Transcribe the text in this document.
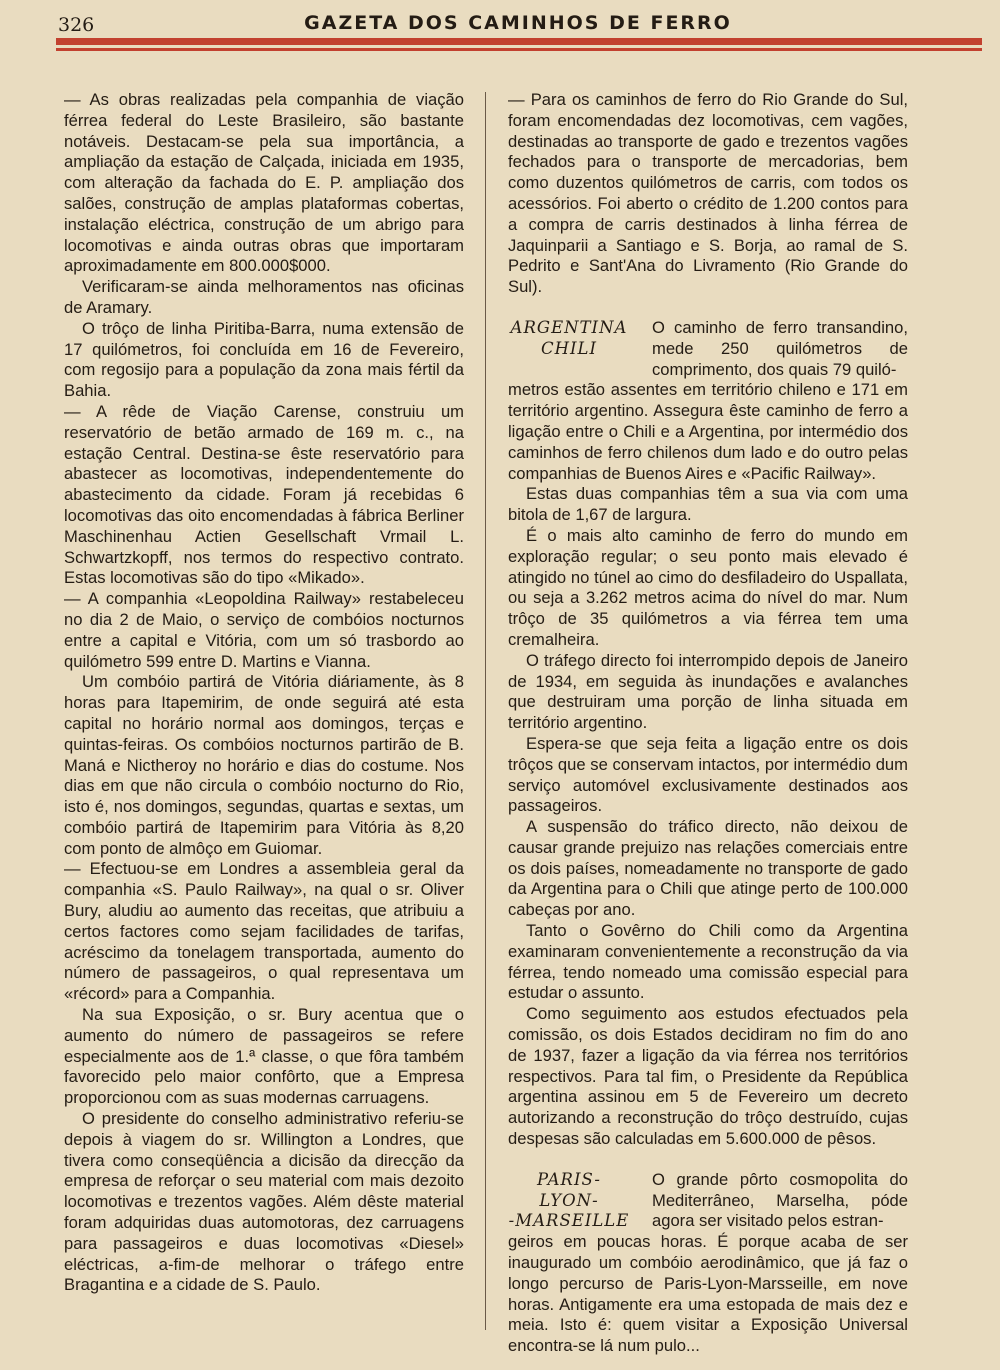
326	GAZETA DOS CAMINHOS DE FERRO

— As obras realizadas pela companhia de viação férrea federal do Leste Brasileiro, são bastante notáveis. Destacam-se pela sua importância, a ampliação da estação de Calçada, iniciada em 1935, com alteração da fachada do E. P. ampliação dos salões, construção de amplas plataformas cobertas, instalação eléctrica, construção de um abrigo para locomotivas e ainda outras obras que importaram aproximadamente em 800.000$000.

Verificaram-se ainda melhoramentos nas oficinas de Aramary.

O trôço de linha Piritiba-Barra, numa extensão de 17 quilómetros, foi concluída em 16 de Fevereiro, com regosijo para a população da zona mais fértil da Bahia.

— A rêde de Viação Carense, construiu um reservatório de betão armado de 169 m. c., na estação Central. Destina-se êste reservatório para abastecer as locomotivas, independentemente do abastecimento da cidade. Foram já recebidas 6 locomotivas das oito encomendadas à fábrica Berliner Maschinenhau Actien Gesellschaft Vrmail L. Schwartzkopff, nos termos do respectivo contrato. Estas locomotivas são do tipo «Mikado».

— A companhia «Leopoldina Railway» restabeleceu no dia 2 de Maio, o serviço de combóios nocturnos entre a capital e Vitória, com um só trasbordo ao quilómetro 599 entre D. Martins e Vianna.

Um combóio partirá de Vitória diáriamente, às 8 horas para Itapemirim, de onde seguirá até esta capital no horário normal aos domingos, terças e quintas-feiras. Os combóios nocturnos partirão de B. Maná e Nictheroy no horário e dias do costume. Nos dias em que não circula o combóio nocturno do Rio, isto é, nos domingos, segundas, quartas e sextas, um combóio partirá de Itapemirim para Vitória às 8,20 com ponto de almôço em Guiomar.

— Efectuou-se em Londres a assembleia geral da companhia «S. Paulo Railway», na qual o sr. Oliver Bury, aludiu ao aumento das receitas, que atribuiu a certos factores como sejam facilidades de tarifas, acréscimo da tonelagem transportada, aumento do número de passageiros, o qual representava um «récord» para a Companhia.

Na sua Exposição, o sr. Bury acentua que o aumento do número de passageiros se refere especialmente aos de 1.ª classe, o que fôra também favorecido pelo maior confôrto, que a Empresa proporcionou com as suas modernas carruagens.

O presidente do conselho administrativo referiu-se depois à viagem do sr. Willington a Londres, que tivera como conseqüência a dicisão da direcção da empresa de reforçar o seu material com mais dezoito locomotivas e trezentos vagões. Além dêste material foram adquiridas duas automotoras, dez carruagens para passageiros e duas locomotivas «Diesel» eléctricas, a-fim-de melhorar o tráfego entre Bragantina e a cidade de S. Paulo.

— Para os caminhos de ferro do Rio Grande do Sul, foram encomendadas dez locomotivas, cem vagões, destinadas ao transporte de gado e trezentos vagões fechados para o transporte de mercadorias, bem como duzentos quilómetros de carris, com todos os acessórios. Foi aberto o crédito de 1.200 contos para a compra de carris destinados à linha férrea de Jaquinparii a Santiago e S. Borja, ao ramal de S. Pedrito e Sant'Ana do Livramento (Rio Grande do Sul).

ARGENTINA
CHILI

O caminho de ferro transandino, mede 250 quilómetros de comprimento, dos quais 79 quiló-

metros estão assentes em território chileno e 171 em território argentino. Assegura êste caminho de ferro a ligação entre o Chili e a Argentina, por intermédio dos caminhos de ferro chilenos dum lado e do outro pelas companhias de Buenos Aires e «Pacific Railway».

Estas duas companhias têm a sua via com uma bitola de 1,67 de largura.

É o mais alto caminho de ferro do mundo em exploração regular; o seu ponto mais elevado é atingido no túnel ao cimo do desfiladeiro do Uspallata, ou seja a 3.262 metros acima do nível do mar. Num trôço de 35 quilómetros a via férrea tem uma cremalheira.

O tráfego directo foi interrompido depois de Janeiro de 1934, em seguida às inundações e avalanches que destruiram uma porção de linha situada em território argentino.

Espera-se que seja feita a ligação entre os dois trôços que se conservam intactos, por intermédio dum serviço automóvel exclusivamente destinados aos passageiros.

A suspensão do tráfico directo, não deixou de causar grande prejuizo nas relações comerciais entre os dois países, nomeadamente no transporte de gado da Argentina para o Chili que atinge perto de 100.000 cabeças por ano.

Tanto o Govêrno do Chili como da Argentina examinaram convenientemente a reconstrução da via férrea, tendo nomeado uma comissão especial para estudar o assunto.

Como seguimento aos estudos efectuados pela comissão, os dois Estados decidiram no fim do ano de 1937, fazer a ligação da via férrea nos territórios respectivos. Para tal fim, o Presidente da República argentina assinou em 5 de Fevereiro um decreto autorizando a reconstrução do trôço destruído, cujas despesas são calculadas em 5.600.000 de pêsos.

PARIS-LYON-
-MARSEILLE

O grande pôrto cosmopolita do Mediterrâneo, Marselha, póde agora ser visitado pelos estran-

geiros em poucas horas. É porque acaba de ser inaugurado um combóio aerodinâmico, que já faz o longo percurso de Paris-Lyon-Marsseille, em nove horas. Antigamente era uma estopada de mais dez e meia. Isto é: quem visitar a Exposição Universal encontra-se lá num pulo...
